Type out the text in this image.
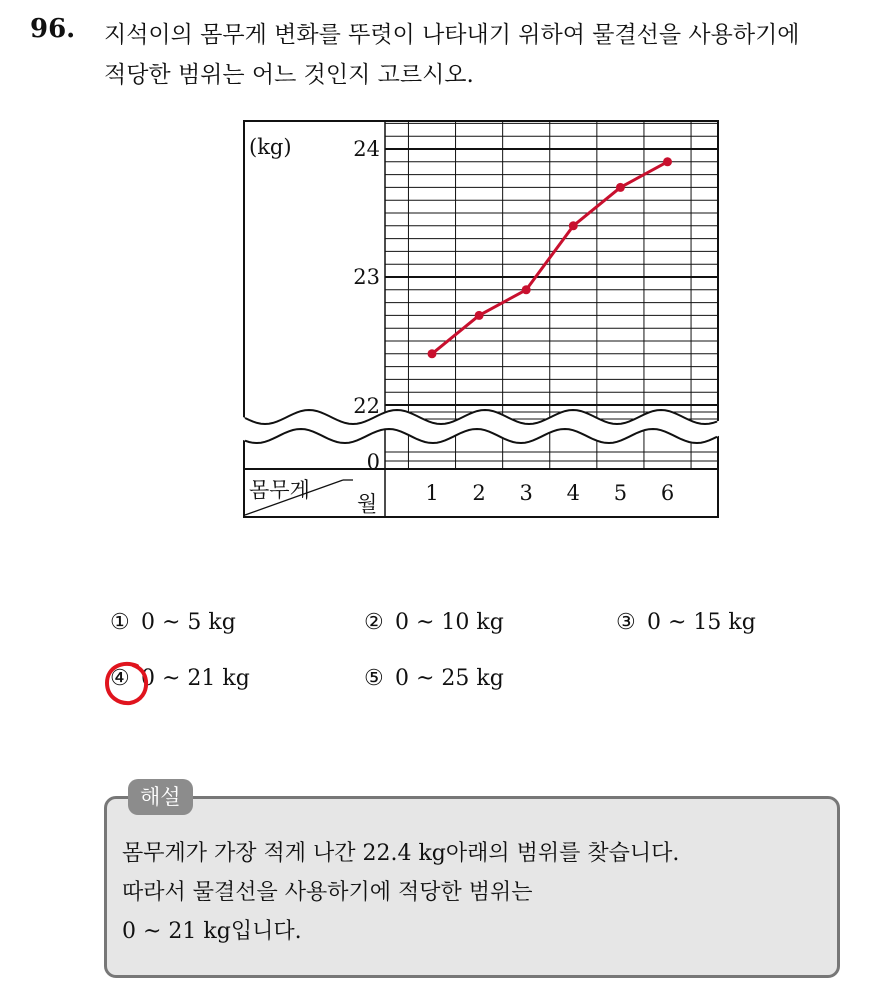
96. 지석이의 몸무게 변화를 뚜렷이 나타내기 위하여 물결선을 사용하기에
적당한 범위는 어느 것인지 고르시오.
24
23
22
0
1 2 3 4 5 6
(kg)
몸무게
월
① 0 ~ 5 kg	② 0 ~ 10 kg	③ 0 ~ 15 kg
④ 0 ~ 21 kg	⑤ 0 ~ 25 kg
해설
몸무게가 가장 적게 나간 22.4 kg아래의 범위를 찾습니다.
따라서 물결선을 사용하기에 적당한 범위는
0 ~ 21 kg입니다.
